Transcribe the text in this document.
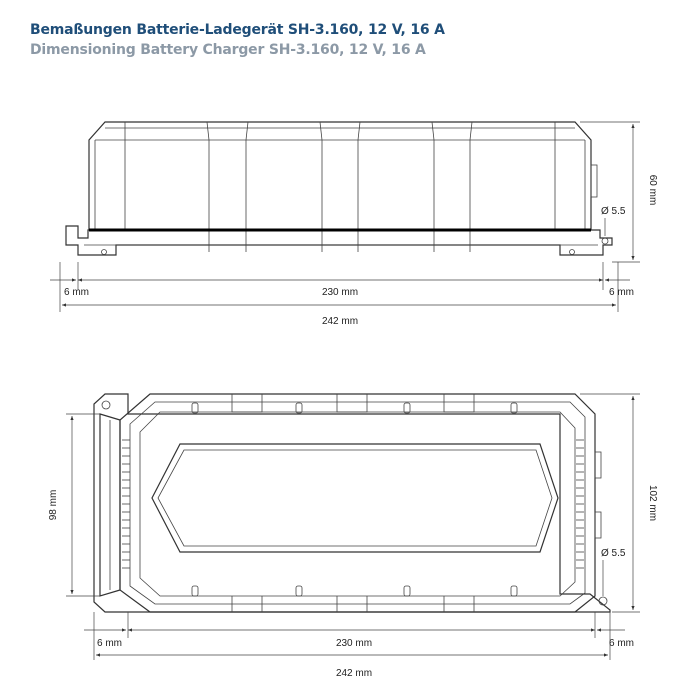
Bemaßungen Batterie-Ladegerät SH-3.160, 12 V, 16 A
Dimensioning Battery Charger SH-3.160, 12 V, 16 A
60 mm
Ø 5.5
6 mm	230 mm	6 mm
242 mm
98 mm	102 mm
Ø 5.5
6 mm	230 mm	6 mm
242 mm
